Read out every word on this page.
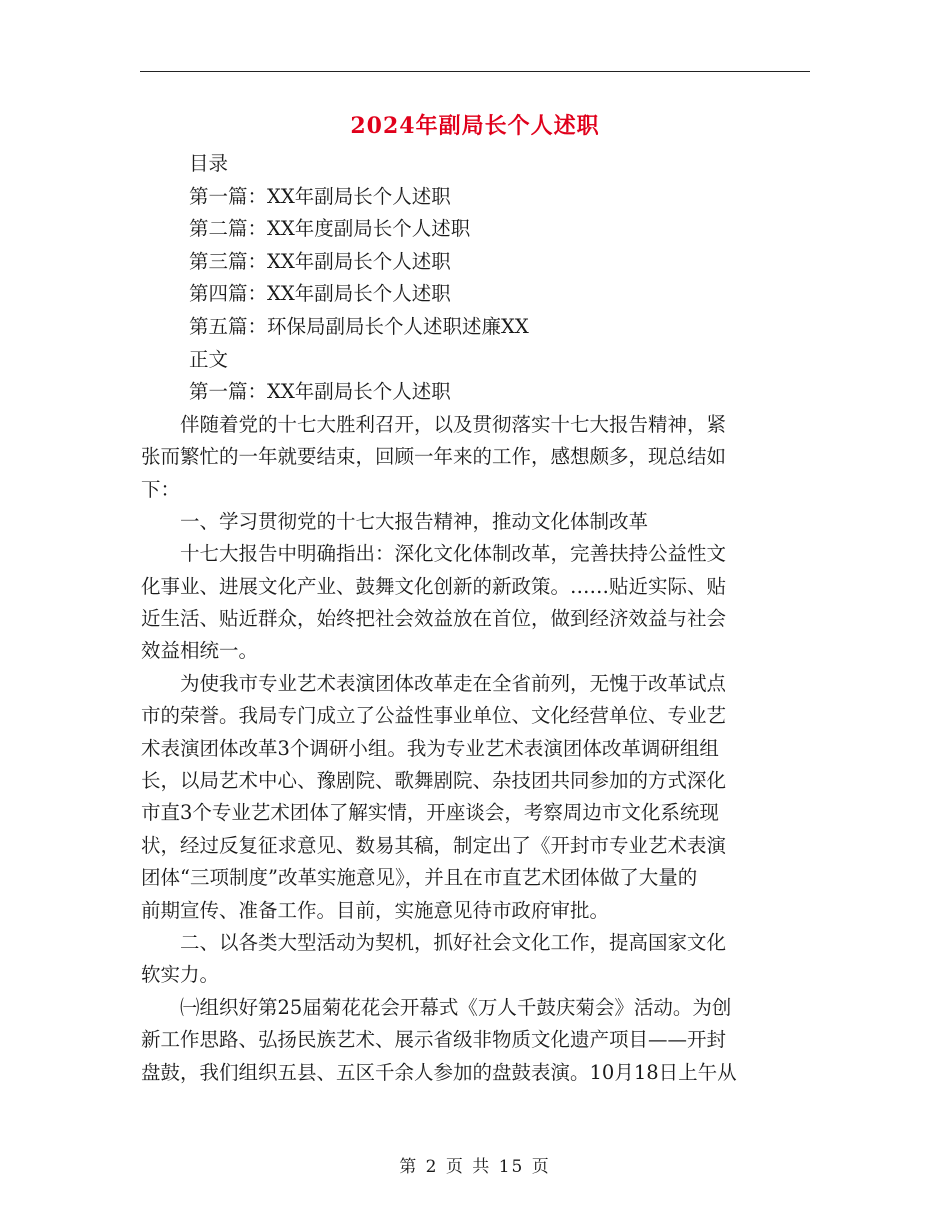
2024年副局长个人述职
目录
第一篇：XX年副局长个人述职
第二篇：XX年度副局长个人述职
第三篇：XX年副局长个人述职
第四篇：XX年副局长个人述职
第五篇：环保局副局长个人述职述廉XX
正文
第一篇：XX年副局长个人述职
伴随着党的十七大胜利召开，以及贯彻落实十七大报告精神，紧
张而繁忙的一年就要结束，回顾一年来的工作，感想颇多，现总结如
下：
一、学习贯彻党的十七大报告精神，推动文化体制改革
十七大报告中明确指出：深化文化体制改革，完善扶持公益性文
化事业、进展文化产业、鼓舞文化创新的新政策。……贴近实际、贴
近生活、贴近群众，始终把社会效益放在首位，做到经济效益与社会
效益相统一。
为使我市专业艺术表演团体改革走在全省前列，无愧于改革试点
市的荣誉。我局专门成立了公益性事业单位、文化经营单位、专业艺
术表演团体改革3个调研小组。我为专业艺术表演团体改革调研组组
长，以局艺术中心、豫剧院、歌舞剧院、杂技团共同参加的方式深化
市直3个专业艺术团体了解实情，开座谈会，考察周边市文化系统现
状，经过反复征求意见、数易其稿，制定出了《开封市专业艺术表演
团体“三项制度”改革实施意见》，并且在市直艺术团体做了大量的
前期宣传、准备工作。目前，实施意见待市政府审批。
二、以各类大型活动为契机，抓好社会文化工作，提高国家文化
软实力。
㈠组织好第25届菊花花会开幕式《万人千鼓庆菊会》活动。为创
新工作思路、弘扬民族艺术、展示省级非物质文化遗产项目——开封
盘鼓，我们组织五县、五区千余人参加的盘鼓表演。10月18日上午从
第 2 页 共 15 页
